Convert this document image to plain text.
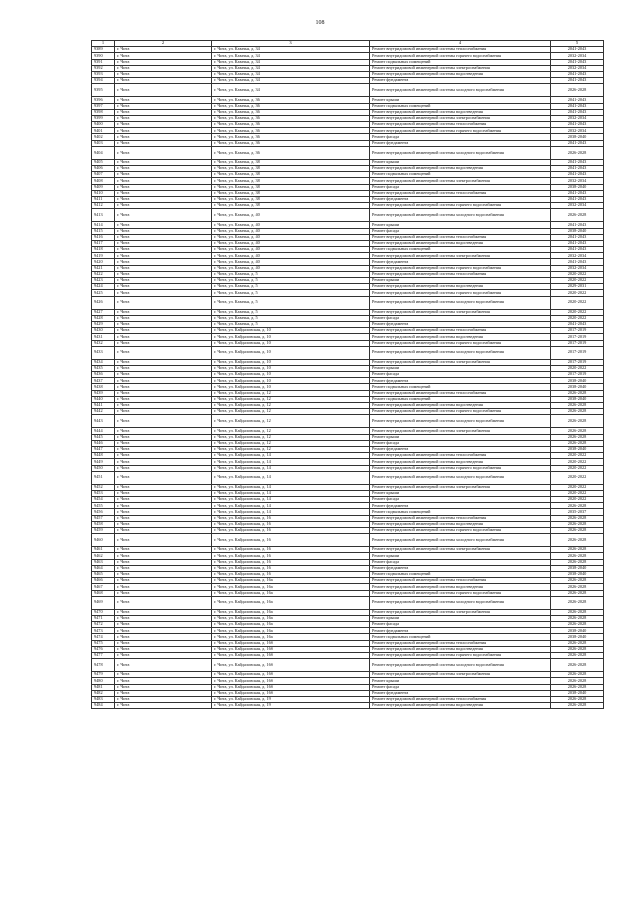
108
1	2	3	4	5
9389	г. Чита	г. Чита, ул. Казачья, д. 34	Ремонт внутридомовой инженерной системы теплоснабжения	2041-2043
9390	г. Чита	г. Чита, ул. Казачья, д. 34	Ремонт внутридомовой инженерной системы горячего водоснабжения	2032-2034
9391	г. Чита	г. Чита, ул. Казачья, д. 34	Ремонт подвальных помещений	2041-2043
9392	г. Чита	г. Чита, ул. Казачья, д. 34	Ремонт внутридомовой инженерной системы электроснабжения	2032-2034
9393	г. Чита	г. Чита, ул. Казачья, д. 34	Ремонт внутридомовой инженерной системы водоотведения	2041-2043
9394	г. Чита	г. Чита, ул. Казачья, д. 34	Ремонт фундамента	2041-2043
9395	г. Чита	г. Чита, ул. Казачья, д. 34	Ремонт внутридомовой инженерной системы холодного водоснабжения	2026-2028
9396	г. Чита	г. Чита, ул. Казачья, д. 36	Ремонт крыши	2041-2043
9397	г. Чита	г. Чита, ул. Казачья, д. 36	Ремонт подвальных помещений	2041-2043
9398	г. Чита	г. Чита, ул. Казачья, д. 36	Ремонт внутридомовой инженерной системы водоотведения	2041-2043
9399	г. Чита	г. Чита, ул. Казачья, д. 36	Ремонт внутридомовой инженерной системы электроснабжения	2032-2034
9400	г. Чита	г. Чита, ул. Казачья, д. 36	Ремонт внутридомовой инженерной системы теплоснабжения	2041-2043
9401	г. Чита	г. Чита, ул. Казачья, д. 36	Ремонт внутридомовой инженерной системы горячего водоснабжения	2032-2034
9402	г. Чита	г. Чита, ул. Казачья, д. 36	Ремонт фасада	2038-2040
9403	г. Чита	г. Чита, ул. Казачья, д. 36	Ремонт фундамента	2041-2043
9404	г. Чита	г. Чита, ул. Казачья, д. 36	Ремонт внутридомовой инженерной системы холодного водоснабжения	2026-2028
9405	г. Чита	г. Чита, ул. Казачья, д. 38	Ремонт крыши	2041-2043
9406	г. Чита	г. Чита, ул. Казачья, д. 38	Ремонт внутридомовой инженерной системы водоотведения	2041-2043
9407	г. Чита	г. Чита, ул. Казачья, д. 38	Ремонт подвальных помещений	2041-2043
9408	г. Чита	г. Чита, ул. Казачья, д. 38	Ремонт внутридомовой инженерной системы электроснабжения	2032-2034
9409	г. Чита	г. Чита, ул. Казачья, д. 38	Ремонт фасада	2038-2040
9410	г. Чита	г. Чита, ул. Казачья, д. 38	Ремонт внутридомовой инженерной системы теплоснабжения	2041-2043
9411	г. Чита	г. Чита, ул. Казачья, д. 38	Ремонт фундамента	2041-2043
9412	г. Чита	г. Чита, ул. Казачья, д. 38	Ремонт внутридомовой инженерной системы горячего водоснабжения	2032-2034
9413	г. Чита	г. Чита, ул. Казачья, д. 40	Ремонт внутридомовой инженерной системы холодного водоснабжения	2026-2028
9414	г. Чита	г. Чита, ул. Казачья, д. 40	Ремонт крыши	2041-2043
9415	г. Чита	г. Чита, ул. Казачья, д. 40	Ремонт фасада	2038-2040
9416	г. Чита	г. Чита, ул. Казачья, д. 40	Ремонт внутридомовой инженерной системы теплоснабжения	2041-2043
9417	г. Чита	г. Чита, ул. Казачья, д. 40	Ремонт внутридомовой инженерной системы водоотведения	2041-2043
9418	г. Чита	г. Чита, ул. Казачья, д. 40	Ремонт подвальных помещений	2041-2043
9419	г. Чита	г. Чита, ул. Казачья, д. 40	Ремонт внутридомовой инженерной системы электроснабжения	2032-2034
9420	г. Чита	г. Чита, ул. Казачья, д. 40	Ремонт фундамента	2041-2043
9421	г. Чита	г. Чита, ул. Казачья, д. 40	Ремонт внутридомовой инженерной системы горячего водоснабжения	2032-2034
9422	г. Чита	г. Чита, ул. Казачья, д. 5	Ремонт внутридомовой инженерной системы теплоснабжения	2020-2022
9423	г. Чита	г. Чита, ул. Казачья, д. 5	Ремонт крыши	2020-2022
9424	г. Чита	г. Чита, ул. Казачья, д. 5	Ремонт внутридомовой инженерной системы водоотведения	2029-2031
9425	г. Чита	г. Чита, ул. Казачья, д. 5	Ремонт внутридомовой инженерной системы горячего водоснабжения	2020-2022
9426	г. Чита	г. Чита, ул. Казачья, д. 5	Ремонт внутридомовой инженерной системы холодного водоснабжения	2020-2022
9427	г. Чита	г. Чита, ул. Казачья, д. 5	Ремонт внутридомовой инженерной системы электроснабжения	2020-2022
9428	г. Чита	г. Чита, ул. Казачья, д. 5	Ремонт фасада	2020-2022
9429	г. Чита	г. Чита, ул. Казачья, д. 5	Ремонт фундамента	2041-2043
9430	г. Чита	г. Чита, ул. Кайдаловская, д. 10	Ремонт внутридомовой инженерной системы теплоснабжения	2017-2019
9431	г. Чита	г. Чита, ул. Кайдаловская, д. 10	Ремонт внутридомовой инженерной системы водоотведения	2017-2019
9432	г. Чита	г. Чита, ул. Кайдаловская, д. 10	Ремонт внутридомовой инженерной системы горячего водоснабжения	2017-2019
9433	г. Чита	г. Чита, ул. Кайдаловская, д. 10	Ремонт внутридомовой инженерной системы холодного водоснабжения	2017-2019
9434	г. Чита	г. Чита, ул. Кайдаловская, д. 10	Ремонт внутридомовой инженерной системы электроснабжения	2017-2019
9435	г. Чита	г. Чита, ул. Кайдаловская, д. 10	Ремонт крыши	2020-2022
9436	г. Чита	г. Чита, ул. Кайдаловская, д. 10	Ремонт фасада	2017-2019
9437	г. Чита	г. Чита, ул. Кайдаловская, д. 10	Ремонт фундамента	2038-2040
9438	г. Чита	г. Чита, ул. Кайдаловская, д. 10	Ремонт подвальных помещений	2038-2040
9439	г. Чита	г. Чита, ул. Кайдаловская, д. 12	Ремонт внутридомовой инженерной системы теплоснабжения	2026-2028
9440	г. Чита	г. Чита, ул. Кайдаловская, д. 12	Ремонт подвальных помещений	2038-2040
9441	г. Чита	г. Чита, ул. Кайдаловская, д. 12	Ремонт внутридомовой инженерной системы водоотведения	2026-2028
9442	г. Чита	г. Чита, ул. Кайдаловская, д. 12	Ремонт внутридомовой инженерной системы горячего водоснабжения	2026-2028
9443	г. Чита	г. Чита, ул. Кайдаловская, д. 12	Ремонт внутридомовой инженерной системы холодного водоснабжения	2026-2028
9444	г. Чита	г. Чита, ул. Кайдаловская, д. 12	Ремонт внутридомовой инженерной системы электроснабжения	2026-2028
9445	г. Чита	г. Чита, ул. Кайдаловская, д. 12	Ремонт крыши	2026-2028
9446	г. Чита	г. Чита, ул. Кайдаловская, д. 12	Ремонт фасада	2026-2028
9447	г. Чита	г. Чита, ул. Кайдаловская, д. 12	Ремонт фундамента	2038-2040
9448	г. Чита	г. Чита, ул. Кайдаловская, д. 14	Ремонт внутридомовой инженерной системы теплоснабжения	2020-2022
9449	г. Чита	г. Чита, ул. Кайдаловская, д. 14	Ремонт внутридомовой инженерной системы водоотведения	2020-2022
9450	г. Чита	г. Чита, ул. Кайдаловская, д. 14	Ремонт внутридомовой инженерной системы горячего водоснабжения	2020-2022
9451	г. Чита	г. Чита, ул. Кайдаловская, д. 14	Ремонт внутридомовой инженерной системы холодного водоснабжения	2020-2022
9452	г. Чита	г. Чита, ул. Кайдаловская, д. 14	Ремонт внутридомовой инженерной системы электроснабжения	2020-2022
9453	г. Чита	г. Чита, ул. Кайдаловская, д. 14	Ремонт крыши	2020-2022
9454	г. Чита	г. Чита, ул. Кайдаловская, д. 14	Ремонт фасада	2020-2022
9455	г. Чита	г. Чита, ул. Кайдаловская, д. 14	Ремонт фундамента	2026-2028
9456	г. Чита	г. Чита, ул. Кайдаловская, д. 14	Ремонт подвальных помещений	2035-2037
9457	г. Чита	г. Чита, ул. Кайдаловская, д. 16	Ремонт внутридомовой инженерной системы теплоснабжения	2026-2028
9458	г. Чита	г. Чита, ул. Кайдаловская, д. 16	Ремонт внутридомовой инженерной системы водоотведения	2026-2028
9459	г. Чита	г. Чита, ул. Кайдаловская, д. 16	Ремонт внутридомовой инженерной системы горячего водоснабжения	2026-2028
9460	г. Чита	г. Чита, ул. Кайдаловская, д. 16	Ремонт внутридомовой инженерной системы холодного водоснабжения	2026-2028
9461	г. Чита	г. Чита, ул. Кайдаловская, д. 16	Ремонт внутридомовой инженерной системы электроснабжения	2026-2028
9462	г. Чита	г. Чита, ул. Кайдаловская, д. 16	Ремонт крыши	2026-2028
9463	г. Чита	г. Чита, ул. Кайдаловская, д. 16	Ремонт фасада	2026-2028
9464	г. Чита	г. Чита, ул. Кайдаловская, д. 16	Ремонт фундамента	2038-2040
9465	г. Чита	г. Чита, ул. Кайдаловская, д. 16	Ремонт подвальных помещений	2038-2040
9466	г. Чита	г. Чита, ул. Кайдаловская, д. 16а	Ремонт внутридомовой инженерной системы теплоснабжения	2026-2028
9467	г. Чита	г. Чита, ул. Кайдаловская, д. 16а	Ремонт внутридомовой инженерной системы водоотведения	2026-2028
9468	г. Чита	г. Чита, ул. Кайдаловская, д. 16а	Ремонт внутридомовой инженерной системы горячего водоснабжения	2026-2028
9469	г. Чита	г. Чита, ул. Кайдаловская, д. 16а	Ремонт внутридомовой инженерной системы холодного водоснабжения	2026-2028
9470	г. Чита	г. Чита, ул. Кайдаловская, д. 16а	Ремонт внутридомовой инженерной системы электроснабжения	2026-2028
9471	г. Чита	г. Чита, ул. Кайдаловская, д. 16а	Ремонт крыши	2026-2028
9472	г. Чита	г. Чита, ул. Кайдаловская, д. 16а	Ремонт фасада	2026-2028
9473	г. Чита	г. Чита, ул. Кайдаловская, д. 16а	Ремонт фундамента	2038-2040
9474	г. Чита	г. Чита, ул. Кайдаловская, д. 16а	Ремонт подвальных помещений	2038-2040
9475	г. Чита	г. Чита, ул. Кайдаловская, д. 16б	Ремонт внутридомовой инженерной системы теплоснабжения	2026-2028
9476	г. Чита	г. Чита, ул. Кайдаловская, д. 16б	Ремонт внутридомовой инженерной системы водоотведения	2026-2028
9477	г. Чита	г. Чита, ул. Кайдаловская, д. 16б	Ремонт внутридомовой инженерной системы горячего водоснабжения	2026-2028
9478	г. Чита	г. Чита, ул. Кайдаловская, д. 16б	Ремонт внутридомовой инженерной системы холодного водоснабжения	2026-2028
9479	г. Чита	г. Чита, ул. Кайдаловская, д. 16б	Ремонт внутридомовой инженерной системы электроснабжения	2026-2028
9480	г. Чита	г. Чита, ул. Кайдаловская, д. 16б	Ремонт крыши	2026-2028
9481	г. Чита	г. Чита, ул. Кайдаловская, д. 16б	Ремонт фасада	2026-2028
9482	г. Чита	г. Чита, ул. Кайдаловская, д. 16б	Ремонт фундамента	2038-2040
9483	г. Чита	г. Чита, ул. Кайдаловская, д. 19	Ремонт внутридомовой инженерной системы теплоснабжения	2026-2028
9484	г. Чита	г. Чита, ул. Кайдаловская, д. 19	Ремонт внутридомовой инженерной системы водоотведения	2026-2028
